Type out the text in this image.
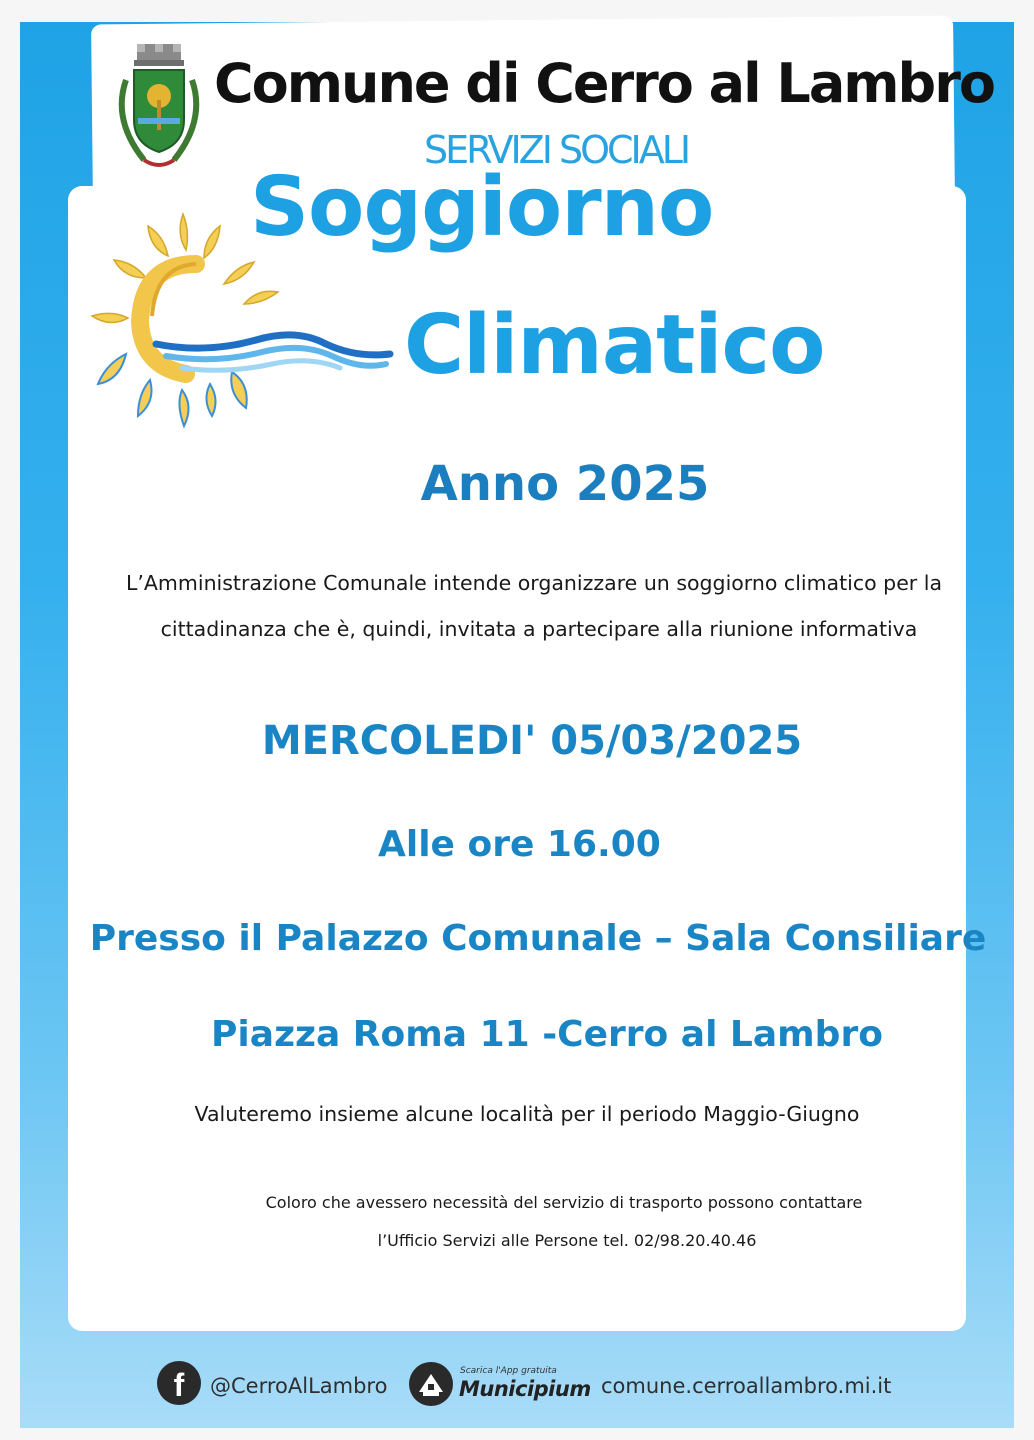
Comune di Cerro al Lambro

SERVIZI SOCIALI

Soggiorno

Climatico

Anno 2025

L’Amministrazione Comunale intende organizzare un soggiorno climatico per la

cittadinanza che è, quindi, invitata a partecipare alla riunione informativa

MERCOLEDI' 05/03/2025

Alle ore 16.00

Presso il Palazzo Comunale – Sala Consiliare

Piazza Roma 11 -Cerro al Lambro

Valuteremo insieme alcune località per il periodo Maggio-Giugno

Coloro che avessero necessità del servizio di trasporto possono contattare

l’Ufficio Servizi alle Persone tel. 02/98.20.40.46

f	@CerroAlLambro

Scarica l'App gratuita

Municipium comune.cerroallambro.mi.it
